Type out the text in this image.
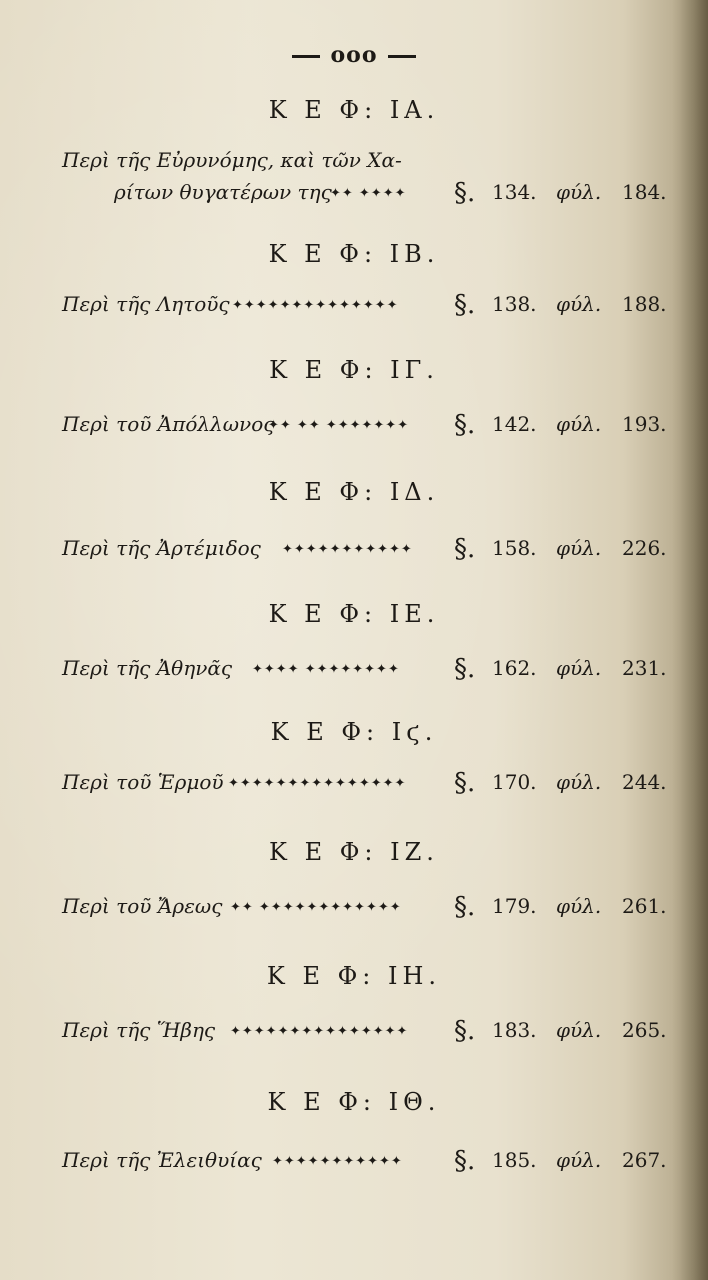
ooo
Κ Ε Φ: ΙΑ.
Περὶ τῆς Εὐρυνόμης, καὶ τῶν Χα-
ρίτων θυγατέρων της
✦✦ ✦✦✦✦ §. 134. φύλ. 184.
Κ Ε Φ: ΙΒ.
Περὶ τῆς Λητοῦς ✦✦✦✦✦✦✦✦✦✦✦✦✦✦ §. 138. φύλ. 188.
Κ Ε Φ: ΙΓ.
Περὶ τοῦ Ἀπόλλωνος
✦✦ ✦✦ ✦✦✦✦✦✦✦ §. 142. φύλ. 193.
Κ Ε Φ: ΙΔ.
Περὶ τῆς Ἀρτέμιδος ✦✦✦✦✦✦✦✦✦✦✦ §. 158. φύλ. 226.
Κ Ε Φ: ΙΕ.
Περὶ τῆς Ἀθηνᾶς ✦✦✦✦ ✦✦✦✦✦✦✦✦ §. 162. φύλ. 231.
Κ Ε Φ: Ιϛ.
Περὶ τοῦ Ἑρμοῦ ✦✦✦✦✦✦✦✦✦✦✦✦✦✦✦ §. 170. φύλ. 244.
Κ Ε Φ: ΙΖ.
Περὶ τοῦ Ἄρεως ✦✦ ✦✦✦✦✦✦✦✦✦✦✦✦ §. 179. φύλ. 261.
Κ Ε Φ: ΙΗ.
Περὶ τῆς Ἥβης ✦✦✦✦✦✦✦✦✦✦✦✦✦✦✦ §. 183. φύλ. 265.
Κ Ε Φ: ΙΘ.
Περὶ τῆς Ἐλειθυίας ✦✦✦✦✦✦✦✦✦✦✦ §. 185. φύλ. 267.
